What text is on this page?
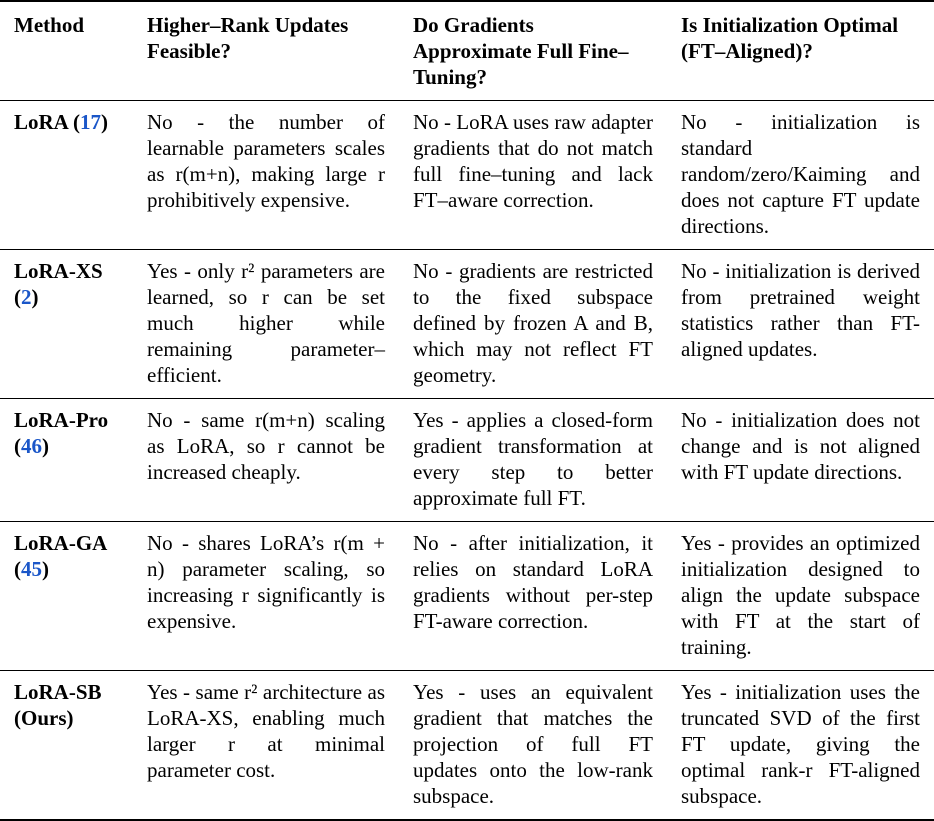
Method	Higher–Rank Updates Feasible?	Do Gradients Approximate Full Fine–Tuning?	Is Initialization Optimal (FT–Aligned)?
LoRA (17)	No - the number of learnable parameters scales as r(m+n), making large r prohibitively expensive.	No - LoRA uses raw adapter gradients that do not match full fine–tuning and lack FT–aware correction.	No - initialization is standard random/zero/Kaiming and does not capture FT update directions.
LoRA-XS (2)	Yes - only r² parameters are learned, so r can be set much higher while remaining parameter–efficient.	No - gradients are restricted to the fixed subspace defined by frozen A and B, which may not reflect FT geometry.	No - initialization is derived from pretrained weight statistics rather than FT-aligned updates.
LoRA-Pro (46)	No - same r(m+n) scaling as LoRA, so r cannot be increased cheaply.	Yes - applies a closed-form gradient transformation at every step to better approximate full FT.	No - initialization does not change and is not aligned with FT update directions.
LoRA-GA (45)	No - shares LoRA’s r(m + n) parameter scaling, so increasing r significantly is expensive.	No - after initialization, it relies on standard LoRA gradients without per-step FT-aware correction.	Yes - provides an optimized initialization designed to align the update subspace with FT at the start of training.
LoRA-SB (Ours)	Yes - same r² architecture as LoRA-XS, enabling much larger r at minimal parameter cost.	Yes - uses an equivalent gradient that matches the projection of full FT updates onto the low-rank subspace.	Yes - initialization uses the truncated SVD of the first FT update, giving the optimal rank-r FT-aligned subspace.
